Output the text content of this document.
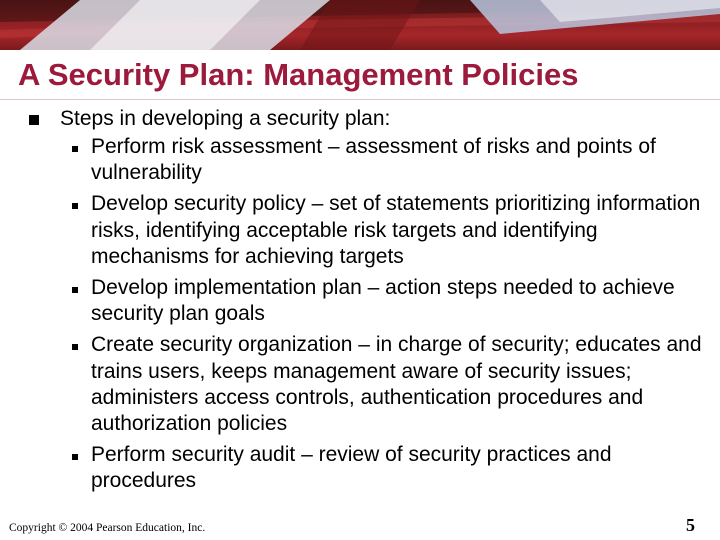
A Security Plan: Management Policies
Steps in developing a security plan:
Perform risk assessment – assessment of risks and points of vulnerability
Develop security policy – set of statements prioritizing information risks, identifying acceptable risk targets and identifying mechanisms for achieving targets
Develop implementation plan – action steps needed to achieve security plan goals
Create security organization – in charge of security; educates and trains users, keeps management aware of security issues; administers access controls, authentication procedures and authorization policies
Perform security audit – review of security practices and procedures
Copyright © 2004 Pearson Education, Inc.	5
